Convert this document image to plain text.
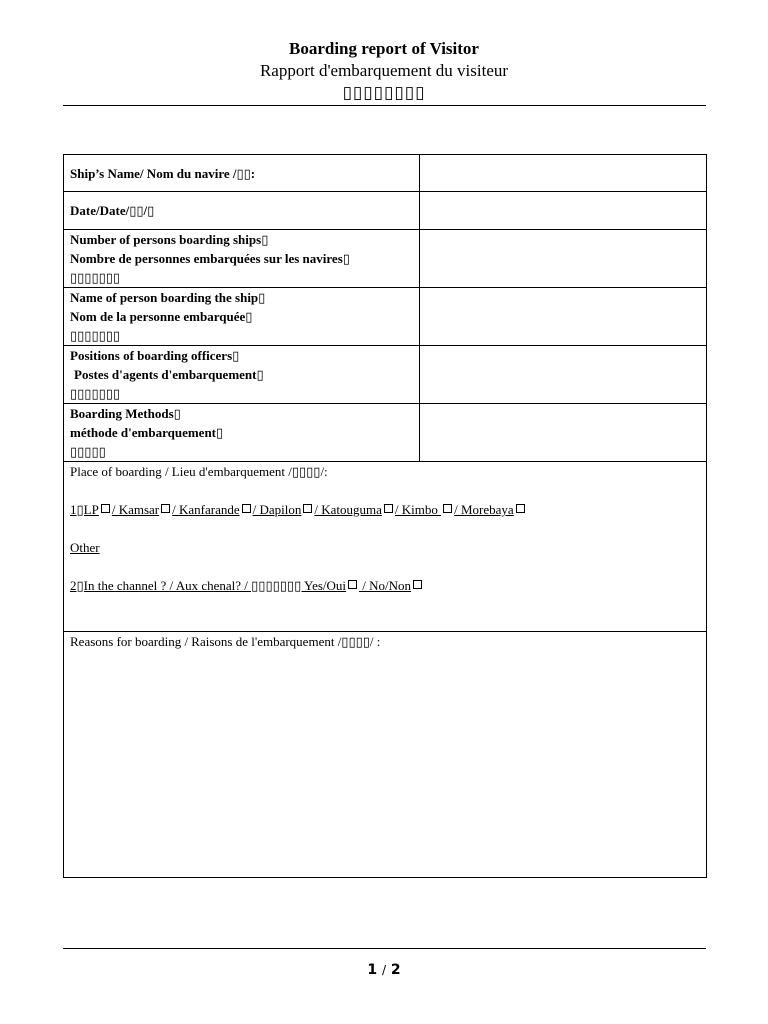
Boarding report of Visitor
Rapport d'embarquement du visiteur
▯▯▯▯▯▯▯▯
Ship’s Name/ Nom du navire /▯▯:	
Date/Date/▯▯/▯	

Number of persons boarding ships▯
Nombre de personnes embarquées sur les navires▯
▯▯▯▯▯▯▯	

Name of person boarding the ship▯
Nom de la personne embarquée▯
▯▯▯▯▯▯▯	

Positions of boarding officers▯
Postes d'agents d'embarquement▯
▯▯▯▯▯▯▯	

Boarding Methods▯
méthode d'embarquement▯
▯▯▯▯▯	

Place of boarding / Lieu d'embarquement /▯▯▯▯/:
1▯LP / Kamsar / Kanfarande / Dapilon / Katouguma / Kimbo / Morebaya
Other
2▯In the channel ? / Aux chenal? / ▯▯▯▯▯▯▯ Yes/Oui / No/Non	

Reasons for boarding / Raisons de l'embarquement /▯▯▯▯/ :	
1 / 2
